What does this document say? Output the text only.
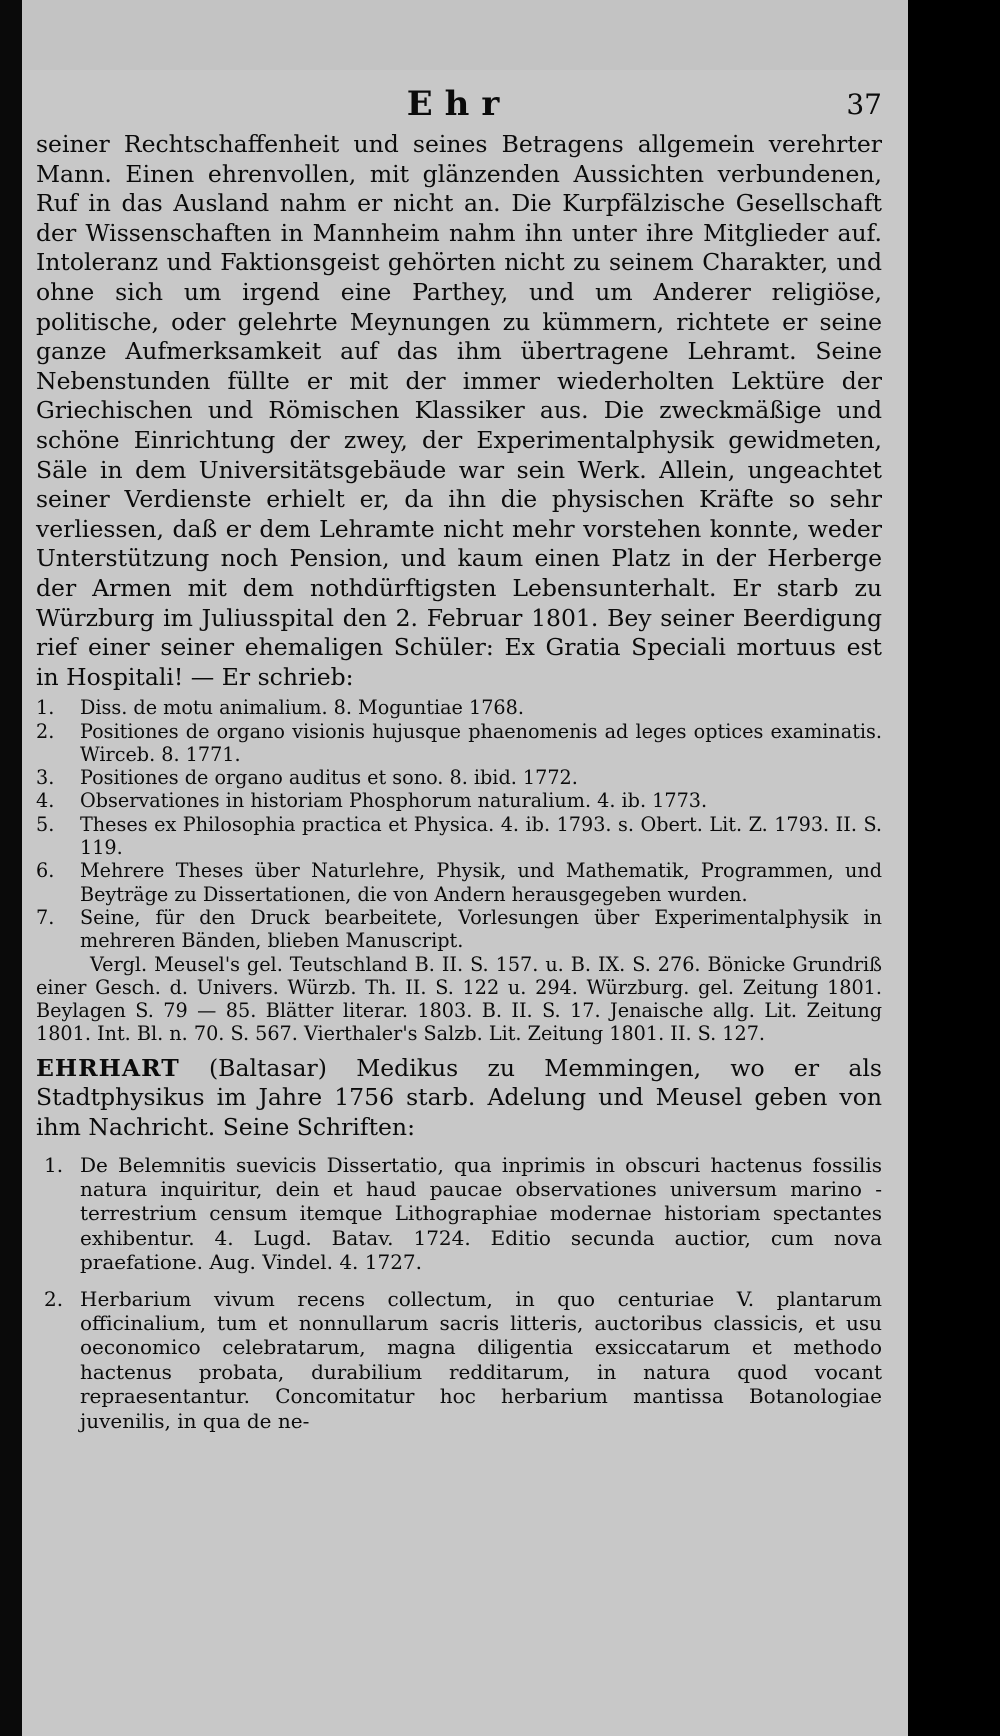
Ehr	37

seiner Rechtschaffenheit und seines Betragens allgemein verehrter Mann. Einen ehrenvollen, mit glänzenden Aussichten verbundenen, Ruf in das Ausland nahm er nicht an. Die Kurpfälzische Gesellschaft der Wissenschaften in Mannheim nahm ihn unter ihre Mitglieder auf. Intoleranz und Faktionsgeist gehörten nicht zu seinem Charakter, und ohne sich um irgend eine Parthey, und um Anderer religiöse, politische, oder gelehrte Meynungen zu kümmern, richtete er seine ganze Aufmerksamkeit auf das ihm übertragene Lehramt. Seine Nebenstunden füllte er mit der immer wiederholten Lektüre der Griechischen und Römischen Klassiker aus. Die zweckmäßige und schöne Einrichtung der zwey, der Experimentalphysik gewidmeten, Säle in dem Universitätsgebäude war sein Werk. Allein, ungeachtet seiner Verdienste erhielt er, da ihn die physischen Kräfte so sehr verliessen, daß er dem Lehramte nicht mehr vorstehen konnte, weder Unterstützung noch Pension, und kaum einen Platz in der Herberge der Armen mit dem nothdürftigsten Lebensunterhalt. Er starb zu Würzburg im Juliusspital den 2. Februar 1801. Bey seiner Beerdigung rief einer seiner ehemaligen Schüler: Ex Gratia Speciali mortuus est in Hospitali! — Er schrieb:

1. Diss. de motu animalium. 8. Moguntiae 1768.
2. Positiones de organo visionis hujusque phaenomenis ad leges optices examinatis. Wirceb. 8. 1771.
3. Positiones de organo auditus et sono. 8. ibid. 1772.
4. Observationes in historiam Phosphorum naturalium. 4. ib. 1773.
5. Theses ex Philosophia practica et Physica. 4. ib. 1793. s. Obert. Lit. Z. 1793. II. S. 119.
6. Mehrere Theses über Naturlehre, Physik, und Mathematik, Programmen, und Beyträge zu Dissertationen, die von Andern herausgegeben wurden.
7. Seine, für den Druck bearbeitete, Vorlesungen über Experimentalphysik in mehreren Bänden, blieben Manuscript.

Vergl. Meusel's gel. Teutschland B. II. S. 157. u. B. IX. S. 276. Bönicke Grundriß einer Gesch. d. Univers. Würzb. Th. II. S. 122 u. 294. Würzburg. gel. Zeitung 1801. Beylagen S. 79 — 85. Blätter literar. 1803. B. II. S. 17. Jenaische allg. Lit. Zeitung 1801. Int. Bl. n. 70. S. 567. Vierthaler's Salzb. Lit. Zeitung 1801. II. S. 127.

EHRHART (Baltasar) Medikus zu Memmingen, wo er als Stadtphysikus im Jahre 1756 starb. Adelung und Meusel geben von ihm Nachricht. Seine Schriften:

1. De Belemnitis suevicis Dissertatio, qua inprimis in obscuri hactenus fossilis natura inquiritur, dein et haud paucae observationes universum marino - terrestrium censum itemque Lithographiae modernae historiam spectantes exhibentur. 4. Lugd. Batav. 1724. Editio secunda auctior, cum nova praefatione. Aug. Vindel. 4. 1727.
2. Herbarium vivum recens collectum, in quo centuriae V. plantarum officinalium, tum et nonnullarum sacris litteris, auctoribus classicis, et usu oeconomico celebratarum, magna diligentia exsiccatarum et methodo hactenus probata, durabilium redditarum, in natura quod vocant repraesentantur. Concomitatur hoc herbarium mantissa Botanologiae juvenilis, in qua de ne-
